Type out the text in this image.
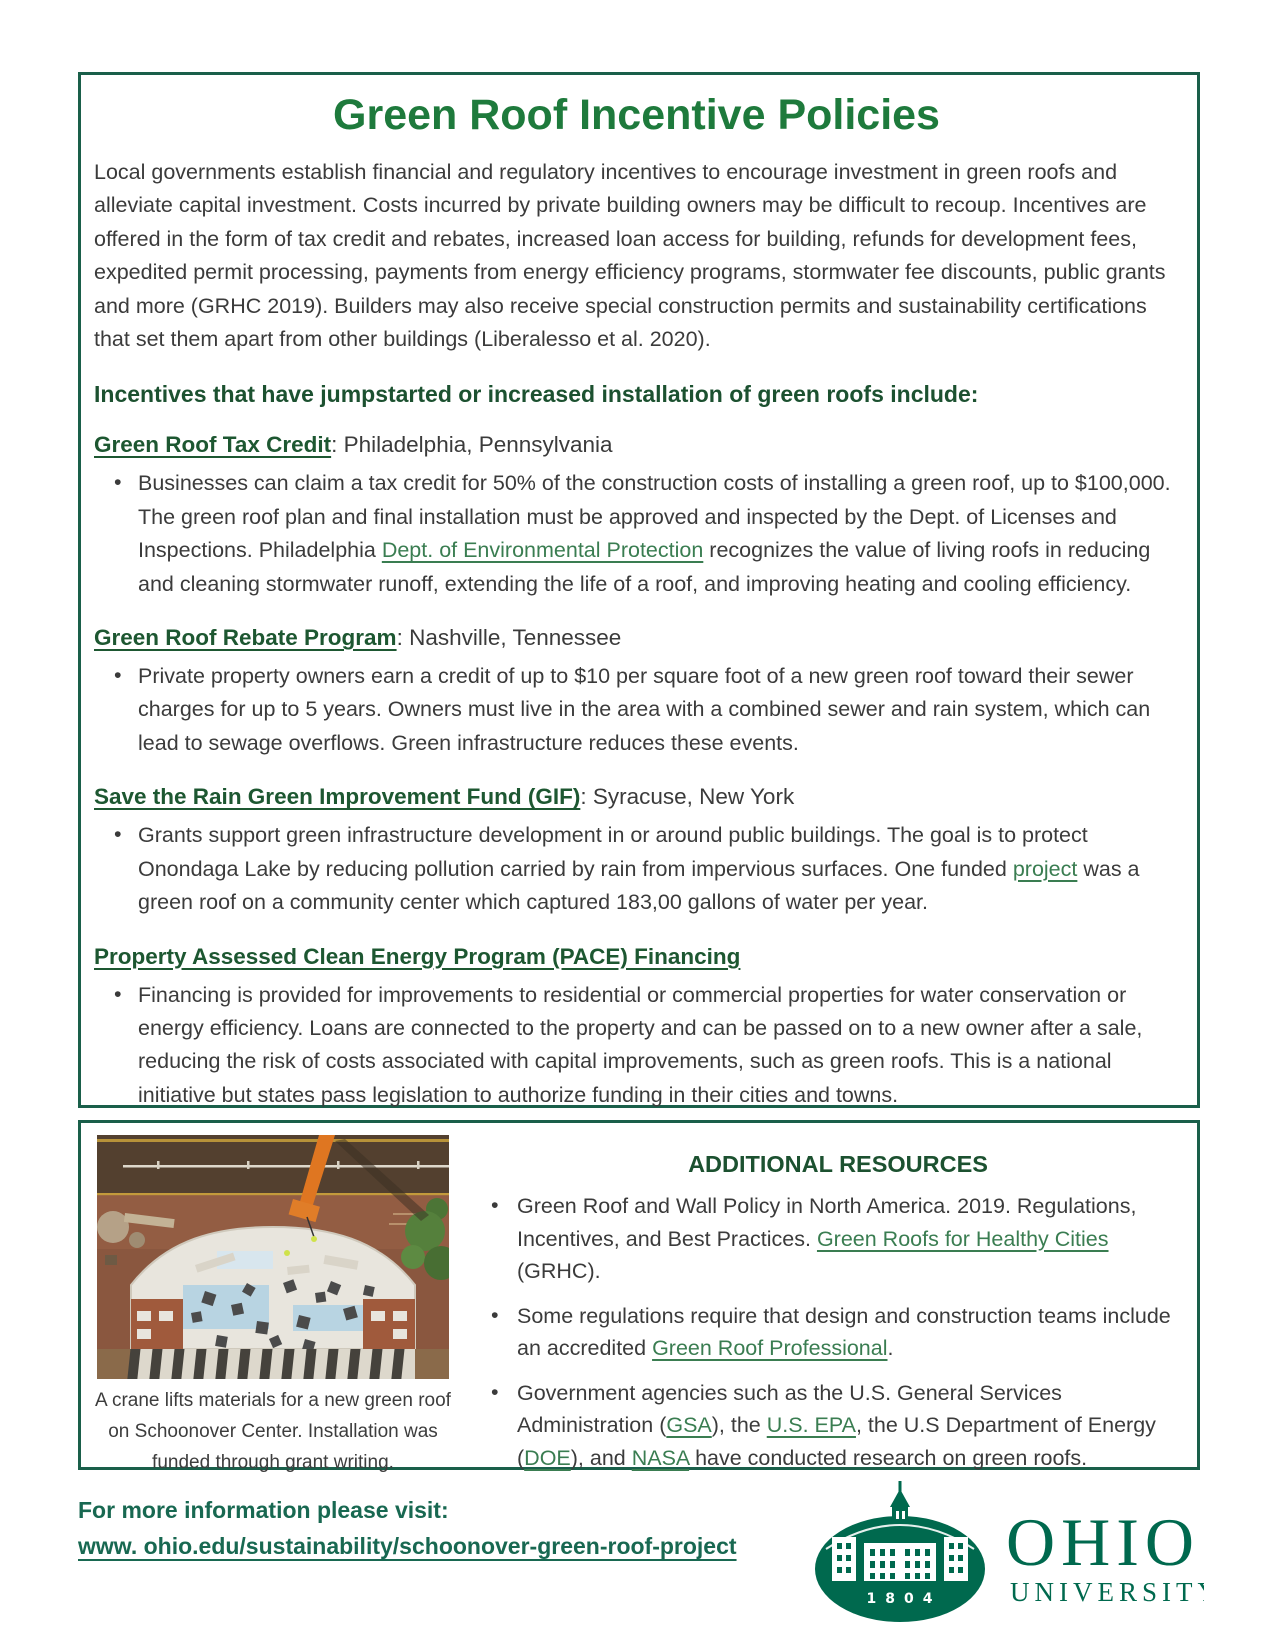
Green Roof Incentive Policies

Local governments establish financial and regulatory incentives to encourage investment in green roofs and alleviate capital investment. Costs incurred by private building owners may be difficult to recoup. Incentives are offered in the form of tax credit and rebates, increased loan access for building, refunds for development fees, expedited permit processing, payments from energy efficiency programs, stormwater fee discounts, public grants and more (GRHC 2019). Builders may also receive special construction permits and sustainability certifications that set them apart from other buildings (Liberalesso et al. 2020).

Incentives that have jumpstarted or increased installation of green roofs include:
Green Roof Tax Credit: Philadelphia, Pennsylvania
• Businesses can claim a tax credit for 50% of the construction costs of installing a green roof, up to $100,000. The green roof plan and final installation must be approved and inspected by the Dept. of Licenses and Inspections. Philadelphia Dept. of Environmental Protection recognizes the value of living roofs in reducing and cleaning stormwater runoff, extending the life of a roof, and improving heating and cooling efficiency.
Green Roof Rebate Program: Nashville, Tennessee
• Private property owners earn a credit of up to $10 per square foot of a new green roof toward their sewer charges for up to 5 years. Owners must live in the area with a combined sewer and rain system, which can lead to sewage overflows. Green infrastructure reduces these events.
Save the Rain Green Improvement Fund (GIF): Syracuse, New York
• Grants support green infrastructure development in or around public buildings. The goal is to protect Onondaga Lake by reducing pollution carried by rain from impervious surfaces. One funded project was a green roof on a community center which captured 183,00 gallons of water per year.
Property Assessed Clean Energy Program (PACE) Financing
• Financing is provided for improvements to residential or commercial properties for water conservation or energy efficiency. Loans are connected to the property and can be passed on to a new owner after a sale, reducing the risk of costs associated with capital improvements, such as green roofs. This is a national initiative but states pass legislation to authorize funding in their cities and towns.
A crane lifts materials for a new green roof on Schoonover Center. Installation was funded through grant writing.
ADDITIONAL RESOURCES
• Green Roof and Wall Policy in North America. 2019. Regulations, Incentives, and Best Practices. Green Roofs for Healthy Cities (GRHC).
• Some regulations require that design and construction teams include an accredited Green Roof Professional.
• Government agencies such as the U.S. General Services Administration (GSA), the U.S. EPA, the U.S Department of Energy (DOE), and NASA have conducted research on green roofs.
For more information please visit:
www. ohio.edu/sustainability/schoonover-green-roof-project
1804
OHIO
UNIVERSITY
